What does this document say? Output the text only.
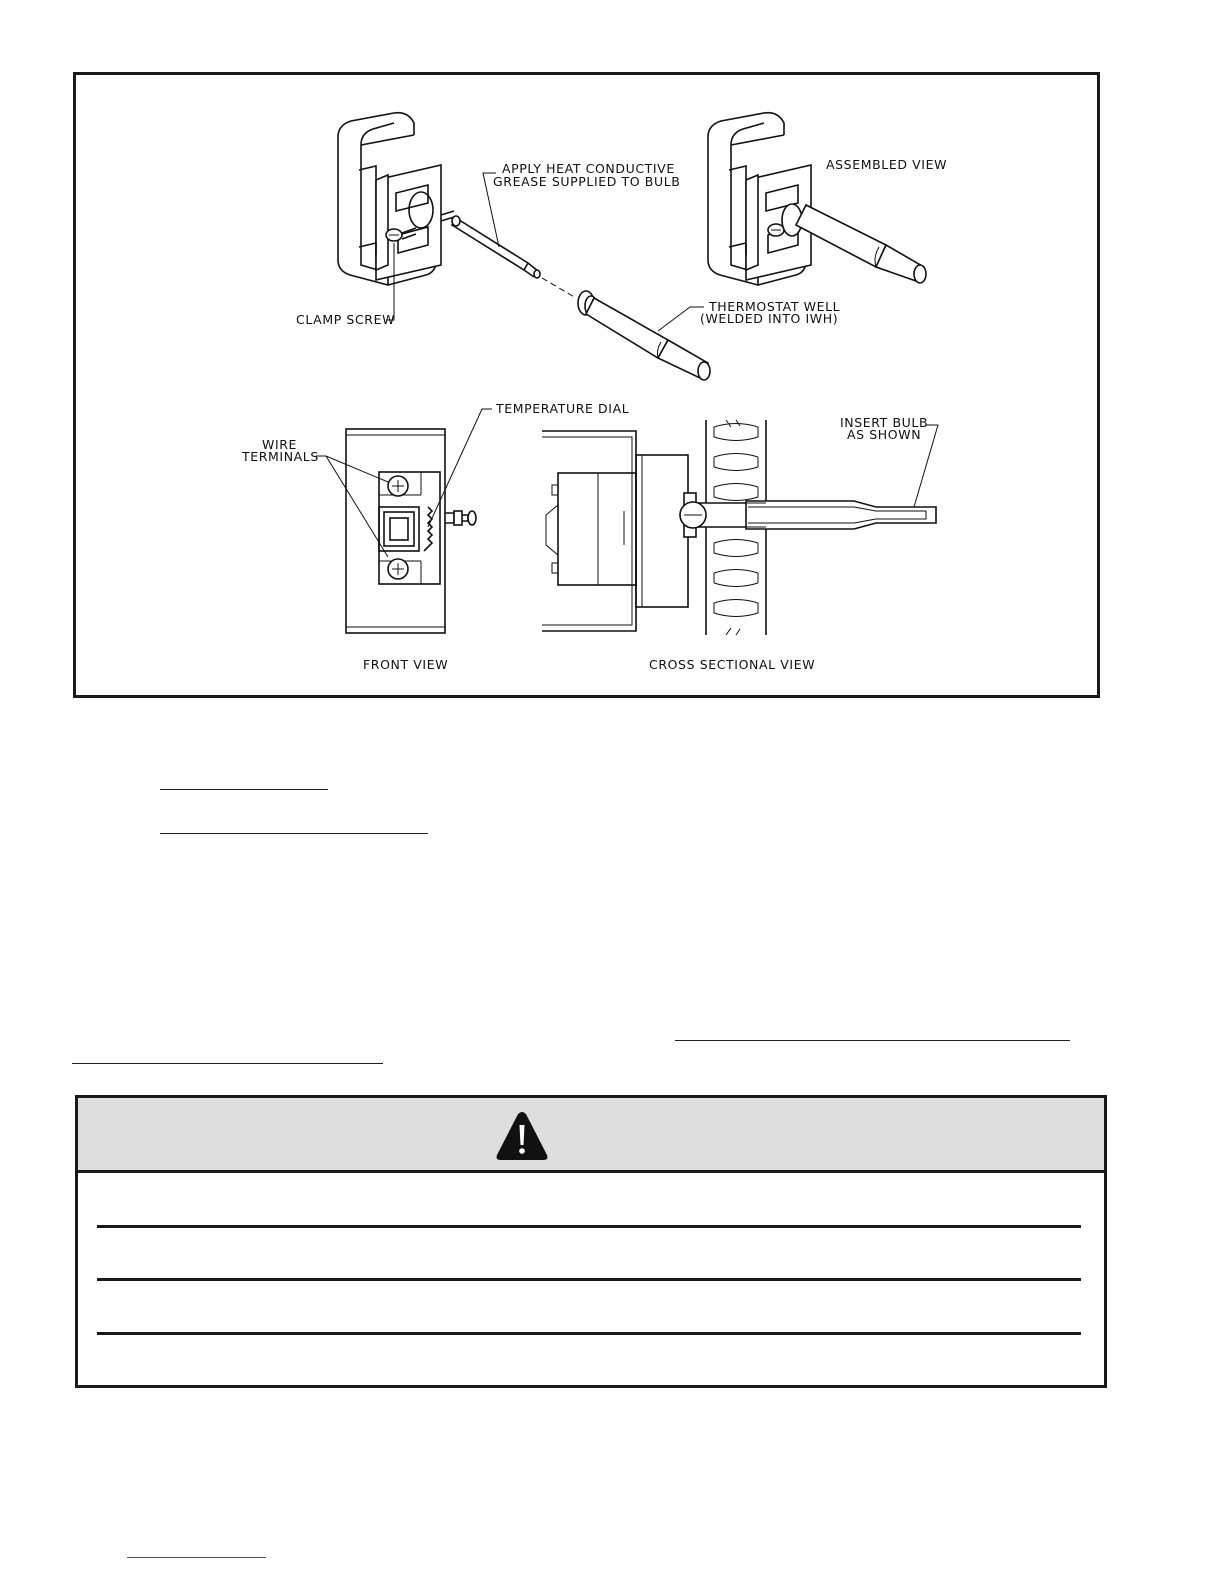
APPLY HEAT CONDUCTIVE
GREASE SUPPLIED TO BULB
ASSEMBLED VIEW
CLAMP SCREW
THERMOSTAT WELL
(WELDED INTO IWH)
WIRE
TERMINALS
TEMPERATURE DIAL
FRONT VIEW
INSERT BULB
AS SHOWN
CROSS SECTIONAL VIEW
